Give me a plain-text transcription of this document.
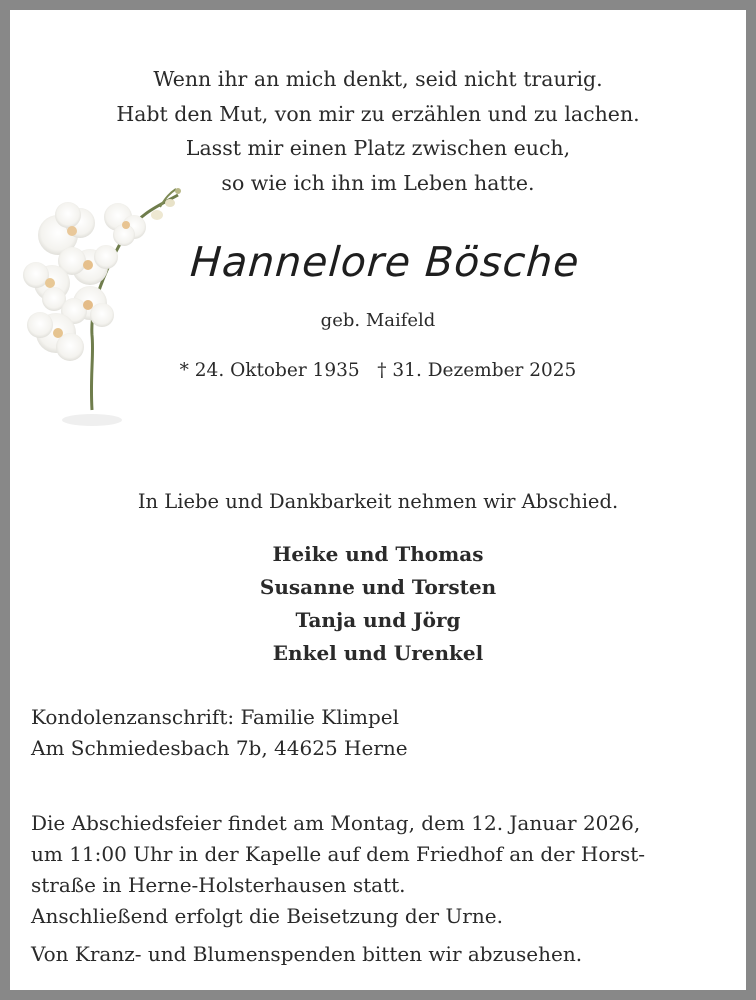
Wenn ihr an mich denkt, seid nicht traurig.
Habt den Mut, von mir zu erzählen und zu lachen.
Lasst mir einen Platz zwischen euch,
so wie ich ihn im Leben hatte.
Hannelore Bösche
geb. Maifeld
* 24. Oktober 1935   † 31. Dezember 2025
In Liebe und Dankbarkeit nehmen wir Abschied.
Heike und Thomas
Susanne und Torsten
Tanja und Jörg
Enkel und Urenkel
Kondolenzanschrift: Familie Klimpel
Am Schmiedesbach 7b, 44625 Herne
Die Abschiedsfeier findet am Montag, dem 12. Januar 2026,
um 11:00 Uhr in der Kapelle auf dem Friedhof an der Horst-
straße in Herne-Holsterhausen statt.
Anschließend erfolgt die Beisetzung der Urne.
Von Kranz- und Blumenspenden bitten wir abzusehen.
